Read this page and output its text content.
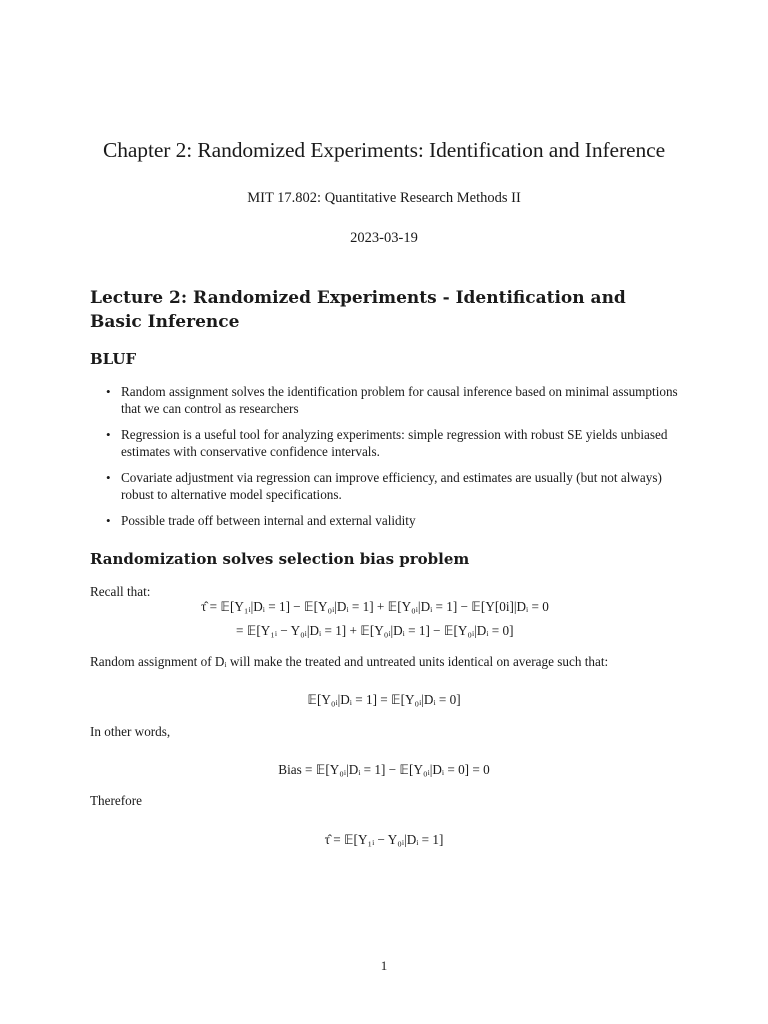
Chapter 2: Randomized Experiments: Identification and Inference
MIT 17.802: Quantitative Research Methods II
2023-03-19
Lecture 2: Randomized Experiments - Identification and Basic Inference
BLUF
• Random assignment solves the identification problem for causal inference based on minimal assumptions that we can control as researchers
• Regression is a useful tool for analyzing experiments: simple regression with robust SE yields unbiased estimates with conservative confidence intervals.
• Covariate adjustment via regression can improve efficiency, and estimates are usually (but not always) robust to alternative model specifications.
• Possible trade off between internal and external validity
Randomization solves selection bias problem
Recall that:
τ̂ = 𝔼[Y₁ᵢ|Dᵢ = 1] − 𝔼[Y₀ᵢ|Dᵢ = 1] + 𝔼[Y₀ᵢ|Dᵢ = 1] − 𝔼[Y[0i]|Dᵢ = 0
= 𝔼[Y₁ᵢ − Y₀ᵢ|Dᵢ = 1] + 𝔼[Y₀ᵢ|Dᵢ = 1] − 𝔼[Y₀ᵢ|Dᵢ = 0]
Random assignment of Dᵢ will make the treated and untreated units identical on average such that:
𝔼[Y₀ᵢ|Dᵢ = 1] = 𝔼[Y₀ᵢ|Dᵢ = 0]
In other words,
Bias = 𝔼[Y₀ᵢ|Dᵢ = 1] − 𝔼[Y₀ᵢ|Dᵢ = 0] = 0
Therefore
τ̂ = 𝔼[Y₁ᵢ − Y₀ᵢ|Dᵢ = 1]
1
